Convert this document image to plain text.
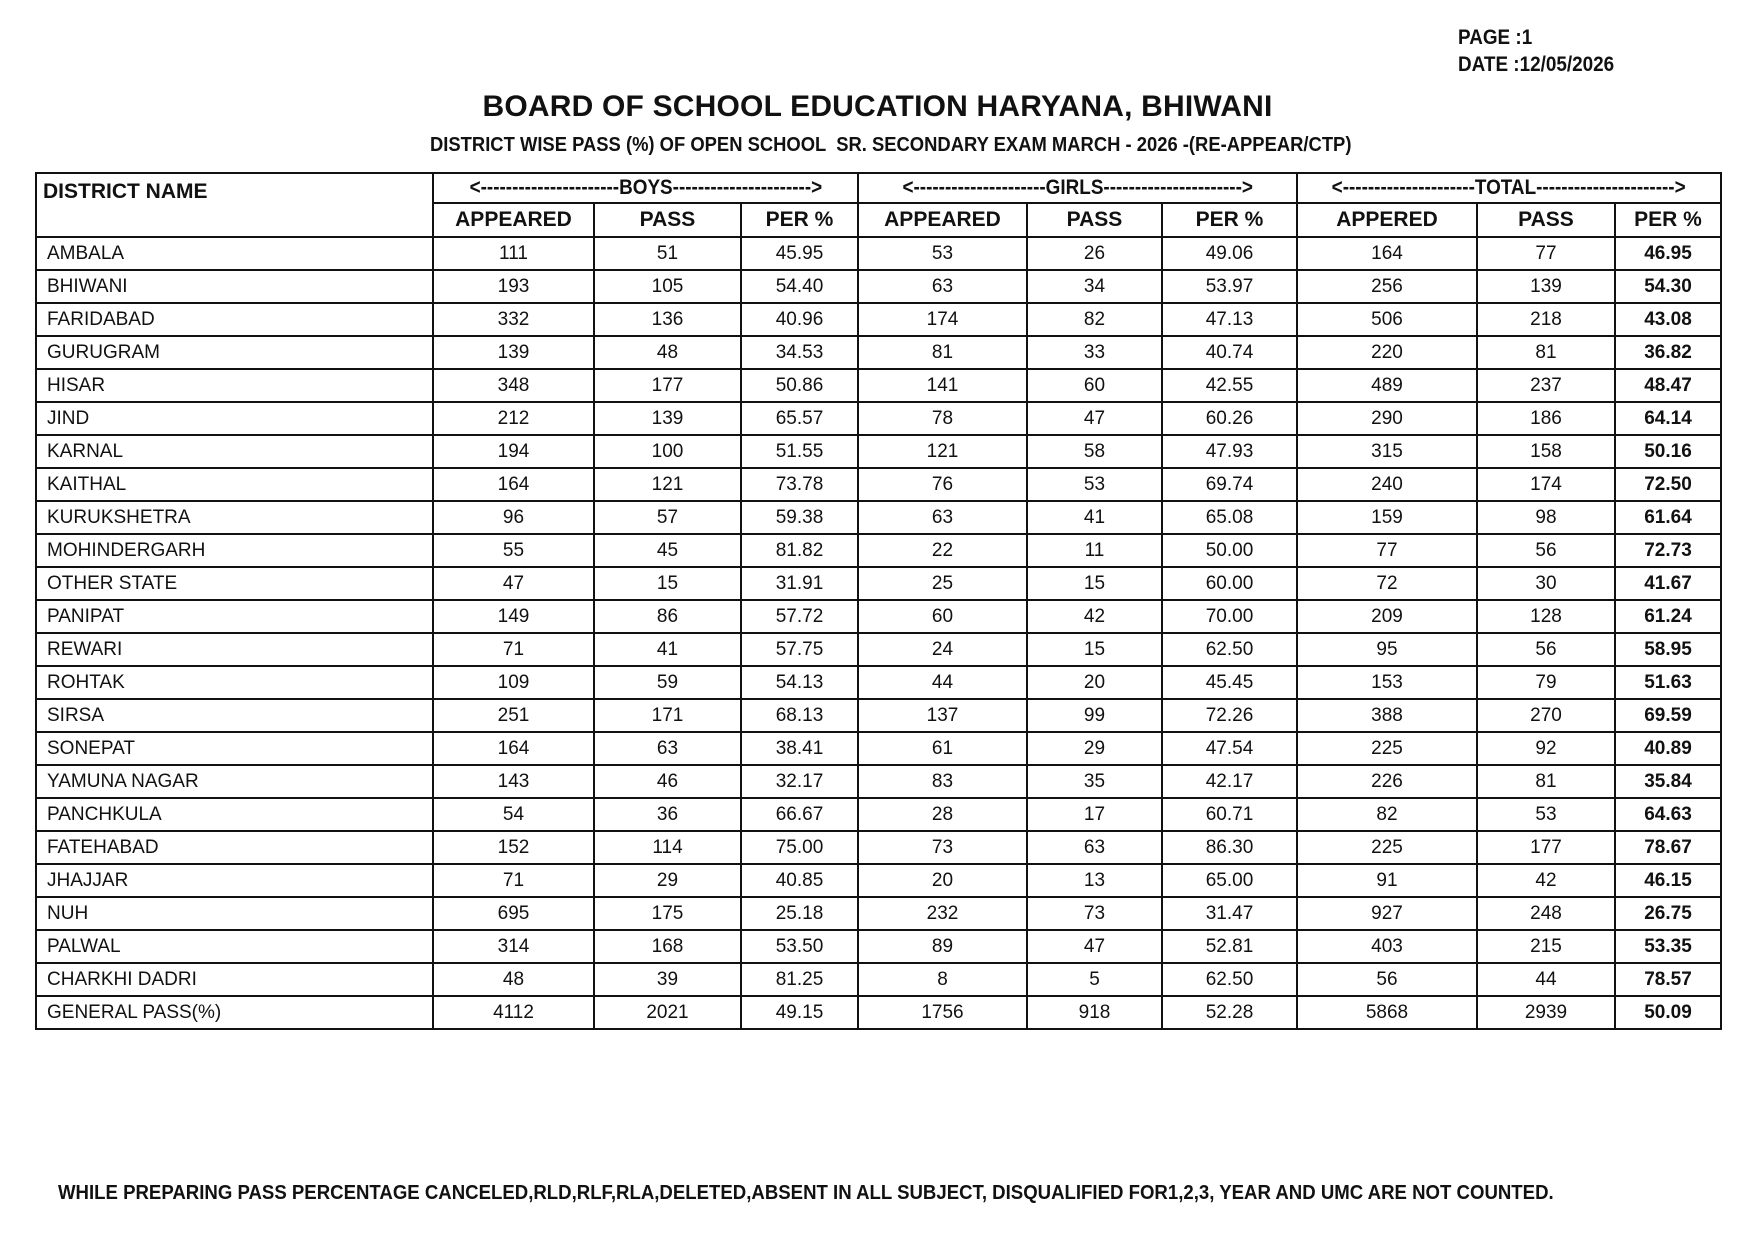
PAGE :1
DATE :12/05/2026
BOARD OF SCHOOL EDUCATION HARYANA, BHIWANI
DISTRICT WISE PASS (%) OF OPEN SCHOOL  SR. SECONDARY EXAM MARCH - 2026 -(RE-APPEAR/CTP)
DISTRICT NAME	<----------------------BOYS---------------------->			<---------------------GIRLS---------------------->			<---------------------TOTAL---------------------->		
	APPEARED	PASS	PER %	APPEARED	PASS	PER %	APPERED	PASS	PER %
AMBALA	111	51	45.95	53	26	49.06	164	77	46.95
BHIWANI	193	105	54.40	63	34	53.97	256	139	54.30
FARIDABAD	332	136	40.96	174	82	47.13	506	218	43.08
GURUGRAM	139	48	34.53	81	33	40.74	220	81	36.82
HISAR	348	177	50.86	141	60	42.55	489	237	48.47
JIND	212	139	65.57	78	47	60.26	290	186	64.14
KARNAL	194	100	51.55	121	58	47.93	315	158	50.16
KAITHAL	164	121	73.78	76	53	69.74	240	174	72.50
KURUKSHETRA	96	57	59.38	63	41	65.08	159	98	61.64
MOHINDERGARH	55	45	81.82	22	11	50.00	77	56	72.73
OTHER STATE	47	15	31.91	25	15	60.00	72	30	41.67
PANIPAT	149	86	57.72	60	42	70.00	209	128	61.24
REWARI	71	41	57.75	24	15	62.50	95	56	58.95
ROHTAK	109	59	54.13	44	20	45.45	153	79	51.63
SIRSA	251	171	68.13	137	99	72.26	388	270	69.59
SONEPAT	164	63	38.41	61	29	47.54	225	92	40.89
YAMUNA NAGAR	143	46	32.17	83	35	42.17	226	81	35.84
PANCHKULA	54	36	66.67	28	17	60.71	82	53	64.63
FATEHABAD	152	114	75.00	73	63	86.30	225	177	78.67
JHAJJAR	71	29	40.85	20	13	65.00	91	42	46.15
NUH	695	175	25.18	232	73	31.47	927	248	26.75
PALWAL	314	168	53.50	89	47	52.81	403	215	53.35
CHARKHI DADRI	48	39	81.25	8	5	62.50	56	44	78.57
GENERAL PASS(%)	4112	2021	49.15	1756	918	52.28	5868	2939	50.09
WHILE PREPARING PASS PERCENTAGE CANCELED,RLD,RLF,RLA,DELETED,ABSENT IN ALL SUBJECT, DISQUALIFIED FOR1,2,3, YEAR AND UMC ARE NOT COUNTED.
